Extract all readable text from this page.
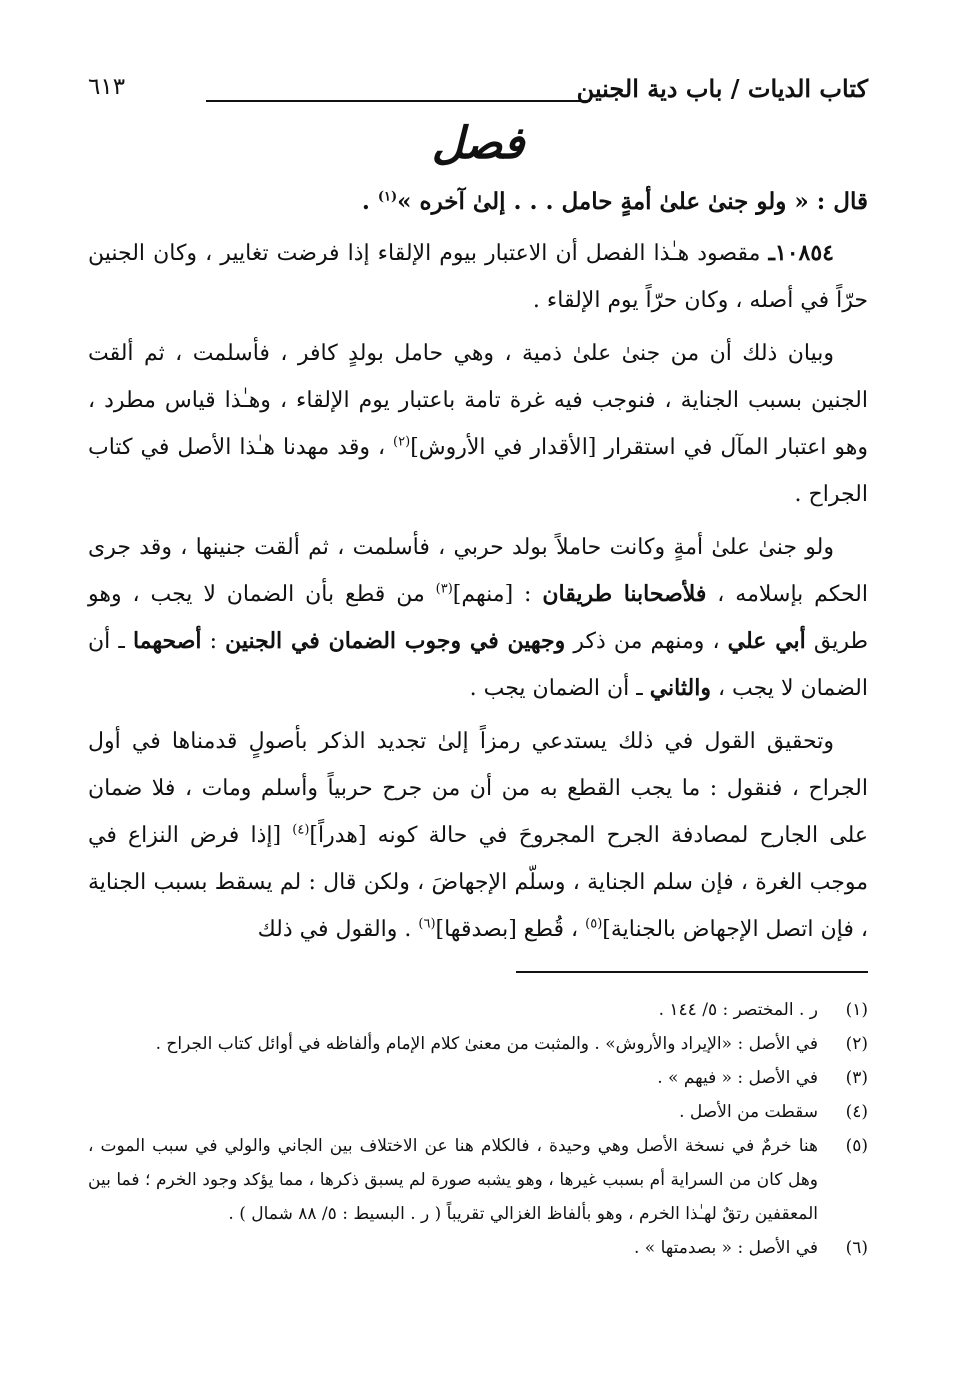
كتاب الديات / باب دية الجنين
٦١٣
فصل
قال : « ولو جنىٰ علىٰ أمةٍ حامل . . . إلىٰ آخره »$^{(١)}$ .

١٠٨٥٤ـ مقصود هـٰذا الفصل أن الاعتبار بيوم الإلقاء إذا فرضت تغايير ، وكان الجنين حرّاً في أصله ، وكان حرّاً يوم الإلقاء .

وبيان ذلك أن من جنىٰ علىٰ ذمية ، وهي حامل بولدٍ كافر ، فأسلمت ، ثم ألقت الجنين بسبب الجناية ، فنوجب فيه غرة تامة باعتبار يوم الإلقاء ، وهـٰذا قياس مطرد ، وهو اعتبار المآل في استقرار [الأقدار في الأروش]$^{(٢)}$ ، وقد مهدنا هـٰذا الأصل في كتاب الجراح .

ولو جنىٰ علىٰ أمةٍ وكانت حاملاً بولد حربي ، فأسلمت ، ثم ألقت جنينها ، وقد جرى الحكم بإسلامه ، فلأصحابنا طريقان : [منهم]$^{(٣)}$ من قطع بأن الضمان لا يجب ، وهو طريق أبي علي ، ومنهم من ذكر وجهين في وجوب الضمان في الجنين : أصحهما ـ أن الضمان لا يجب ، والثاني ـ أن الضمان يجب .

وتحقيق القول في ذلك يستدعي رمزاً إلىٰ تجديد الذكر بأصولٍ قدمناها في أول الجراح ، فنقول : ما يجب القطع به من أن من جرح حربياً وأسلم ومات ، فلا ضمان على الجارح لمصادفة الجرح المجروحَ في حالة كونه [هدراً]$^{(٤)}$ [إذا فرض النزاع في موجب الغرة ، فإن سلم الجناية ، وسلّم الإجهاضَ ، ولكن قال : لم يسقط بسبب الجناية ، فإن اتصل الإجهاض بالجناية]$^{(٥)}$ ، قُطع [بصدقها]$^{(٦)}$ . والقول في ذلك

(١)
ر . المختصر : ٥/ ١٤٤ .
(٢)
في الأصل : «الإيراد والأروش» . والمثبت من معنىٰ كلام الإمام وألفاظه في أوائل كتاب الجراح .
(٣)
في الأصل : « فيهم » .
(٤)
سقطت من الأصل .
(٥)
هنا خرمٌ في نسخة الأصل وهي وحيدة ، فالكلام هنا عن الاختلاف بين الجاني والولي في سبب الموت ، وهل كان من السراية أم بسبب غيرها ، وهو يشبه صورة لم يسبق ذكرها ، مما يؤكد وجود الخرم ؛ فما بين المعقفين رتقٌ لهـٰذا الخرم ، وهو بألفاظ الغزالي تقريباً ( ر . البسيط : ٥/ ٨٨ شمال ) .
(٦)
في الأصل : « بصدمتها » .
